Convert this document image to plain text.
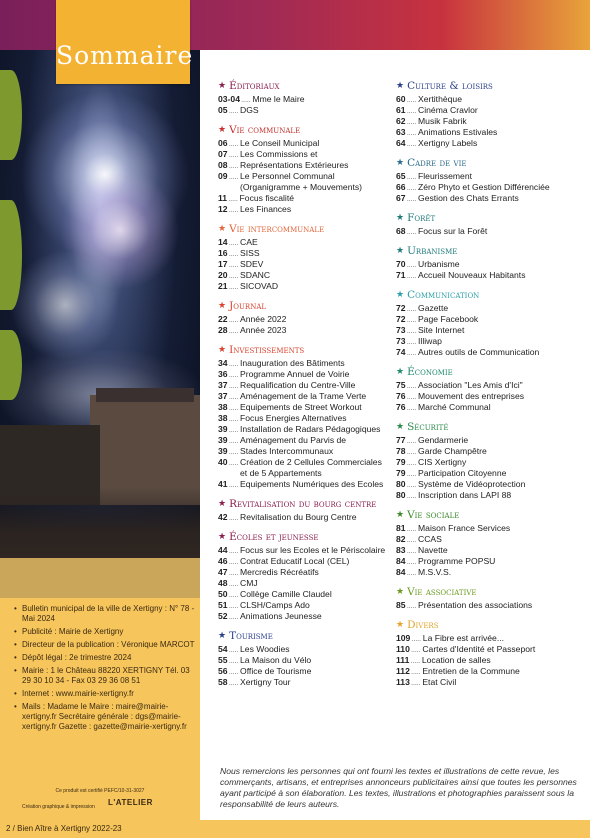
Sommaire
• Bulletin municipal de la ville de Xertigny : N° 78 - Mai 2024
• Publicité : Mairie de Xertigny
• Directeur de la publication : Véronique MARCOT
• Dépôt légal : 2e trimestre 2024
• Mairie : 1 le Château 88220 XERTIGNY Tél. 03 29 30 10 34 - Fax 03 29 36 08 51
• Internet : www.mairie-xertigny.fr
• Mails : Madame le Maire : maire@mairie-xertigny.fr Secrétaire générale : dgs@mairie-xertigny.fr Gazette : gazette@mairie-xertigny.fr
Ce produit est certifié PEFC/10-31-3027
Création graphique & impression L'ATELIER
2 / Bien Aître à Xertigny 2022-23
★ Éditoriaux
03-04 ..... Mme le Maire
05 ..... DGS
★ Vie communale
06 ..... Le Conseil Municipal
07 ..... Les Commissions et
08 ..... Représentations Extérieures
09 ..... Le Personnel Communal (Organigramme + Mouvements)
11 ..... Focus fiscalité
12 ..... Les Finances
★ Vie intercommunale
14 ..... CAE
16 ..... SISS
17 ..... SDEV
20 ..... SDANC
21 ..... SICOVAD
★ Journal
22 ..... Année 2022
28 ..... Année 2023
★ Investissements
34 ..... Inauguration des Bâtiments
36 ..... Programme Annuel de Voirie
37 ..... Requalification du Centre-Ville
37 ..... Aménagement de la Trame Verte
38 ..... Equipements de Street Workout
38 ..... Focus Energies Alternatives
39 ..... Installation de Radars Pédagogiques
39 ..... Aménagement du Parvis de
39 ..... Stades Intercommunaux
40 ..... Création de 2 Cellules Commerciales et de 5 Appartements
41 ..... Equipements Numériques des Ecoles
★ Revitalisation du bourg centre
42 ..... Revitalisation du Bourg Centre
★ Écoles et jeunesse
44 ..... Focus sur les Ecoles et le Périscolaire
46 ..... Contrat Educatif Local (CEL)
47 ..... Mercredis Récréatifs
48 ..... CMJ
50 ..... Collège Camille Claudel
51 ..... CLSH/Camps Ado
52 ..... Animations Jeunesse
★ Tourisme
54 ..... Les Woodies
55 ..... La Maison du Vélo
56 ..... Office de Tourisme
58 ..... Xertigny Tour
★ Culture & loisirs
60 ..... Xertithèque
61 ..... Cinéma Cravlor
62 ..... Musik Fabrik
63 ..... Animations Estivales
64 ..... Xertigny Labels
★ Cadre de vie
65 ..... Fleurissement
66 ..... Zéro Phyto et Gestion Différenciée
67 ..... Gestion des Chats Errants
★ Forêt
68 ..... Focus sur la Forêt
★ Urbanisme
70 ..... Urbanisme
71 ..... Accueil Nouveaux Habitants
★ Communication
72 ..... Gazette
72 ..... Page Facebook
73 ..... Site Internet
73 ..... Illiwap
74 ..... Autres outils de Communication
★ Économie
75 ..... Association "Les Amis d'Ici"
76 ..... Mouvement des entreprises
76 ..... Marché Communal
★ Sécurité
77 ..... Gendarmerie
78 ..... Garde Champêtre
79 ..... CIS Xertigny
79 ..... Participation Citoyenne
80 ..... Système de Vidéoprotection
80 ..... Inscription dans LAPI 88
★ Vie sociale
81 ..... Maison France Services
82 ..... CCAS
83 ..... Navette
84 ..... Programme POPSU
84 ..... M.S.V.S.
★ Vie associative
85 ..... Présentation des associations
★ Divers
109 ..... La Fibre est arrivée...
110 ..... Cartes d'Identité et Passeport
111 ..... Location de salles
112 ..... Entretien de la Commune
113 ..... Etat Civil
Nous remercions les personnes qui ont fourni les textes et illustrations de cette revue, les commerçants, artisans, et entreprises annonceurs publicitaires ainsi que toutes les personnes ayant participé à son élaboration. Les textes, illustrations et photographies paraissent sous la responsabilité de leurs auteurs.
